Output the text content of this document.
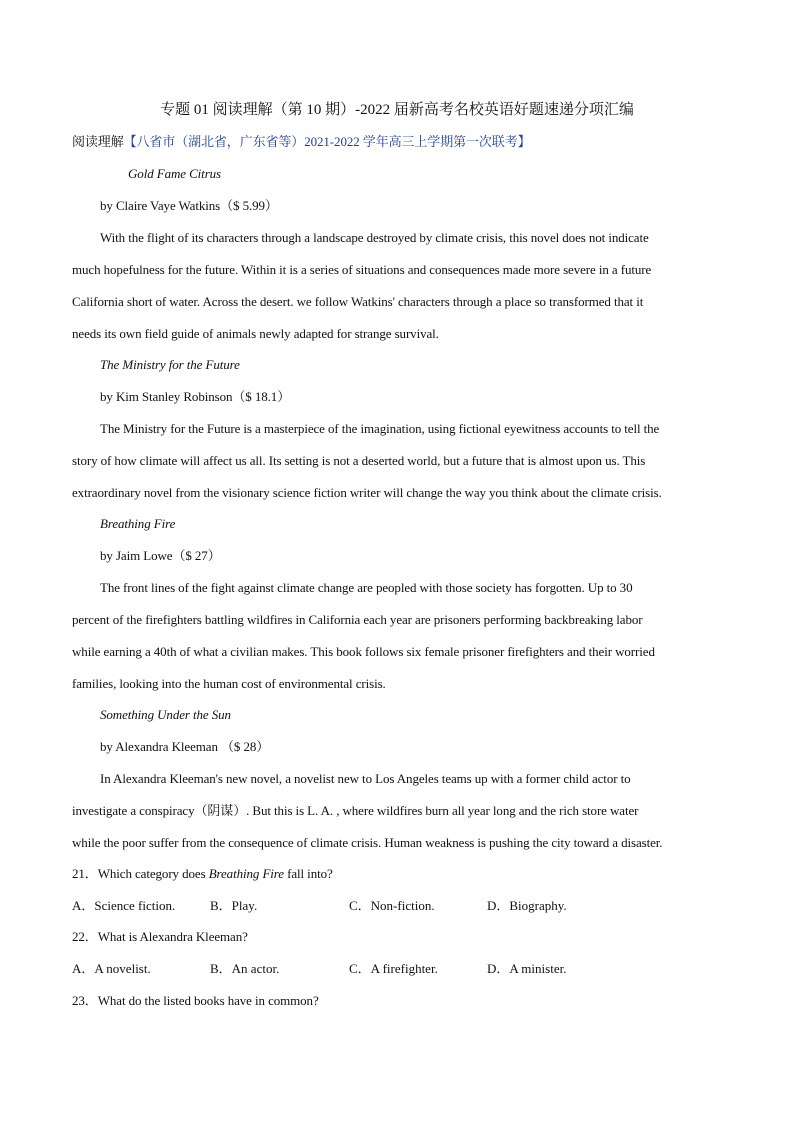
专题 01 阅读理解（第 10 期）-2022 届新高考名校英语好题速递分项汇编
阅读理解【八省市（湖北省，广东省等）2021-2022 学年高三上学期第一次联考】
Gold Fame Citrus
by Claire Vaye Watkins（$ 5.99）
With the flight of its characters through a landscape destroyed by climate crisis, this novel does not indicate
much hopefulness for the future. Within it is a series of situations and consequences made more severe in a future
California short of water. Across the desert. we follow Watkins' characters through a place so transformed that it
needs its own field guide of animals newly adapted for strange survival.
The Ministry for the Future
by Kim Stanley Robinson（$ 18.1）
The Ministry for the Future is a masterpiece of the imagination, using fictional eyewitness accounts to tell the
story of how climate will affect us all. Its setting is not a deserted world, but a future that is almost upon us. This
extraordinary novel from the visionary science fiction writer will change the way you think about the climate crisis.
Breathing Fire
by Jaim Lowe（$ 27）
The front lines of the fight against climate change are peopled with those society has forgotten. Up to 30
percent of the firefighters battling wildfires in California each year are prisoners performing backbreaking labor
while earning a 40th of what a civilian makes. This book follows six female prisoner firefighters and their worried
families, looking into the human cost of environmental crisis.
Something Under the Sun
by Alexandra Kleeman （$ 28）
In Alexandra Kleeman's new novel, a novelist new to Los Angeles teams up with a former child actor to
investigate a conspiracy（阴谋）. But this is L. A. , where wildfires burn all year long and the rich store water
while the poor suffer from the consequence of climate crisis. Human weakness is pushing the city toward a disaster.
21．Which category does Breathing Fire fall into?
A．Science fiction.	B．Play.	C．Non-fiction.	D．Biography.
22．What is Alexandra Kleeman?
A．A novelist.	B．An actor.	C．A firefighter.	D．A minister.
23．What do the listed books have in common?
